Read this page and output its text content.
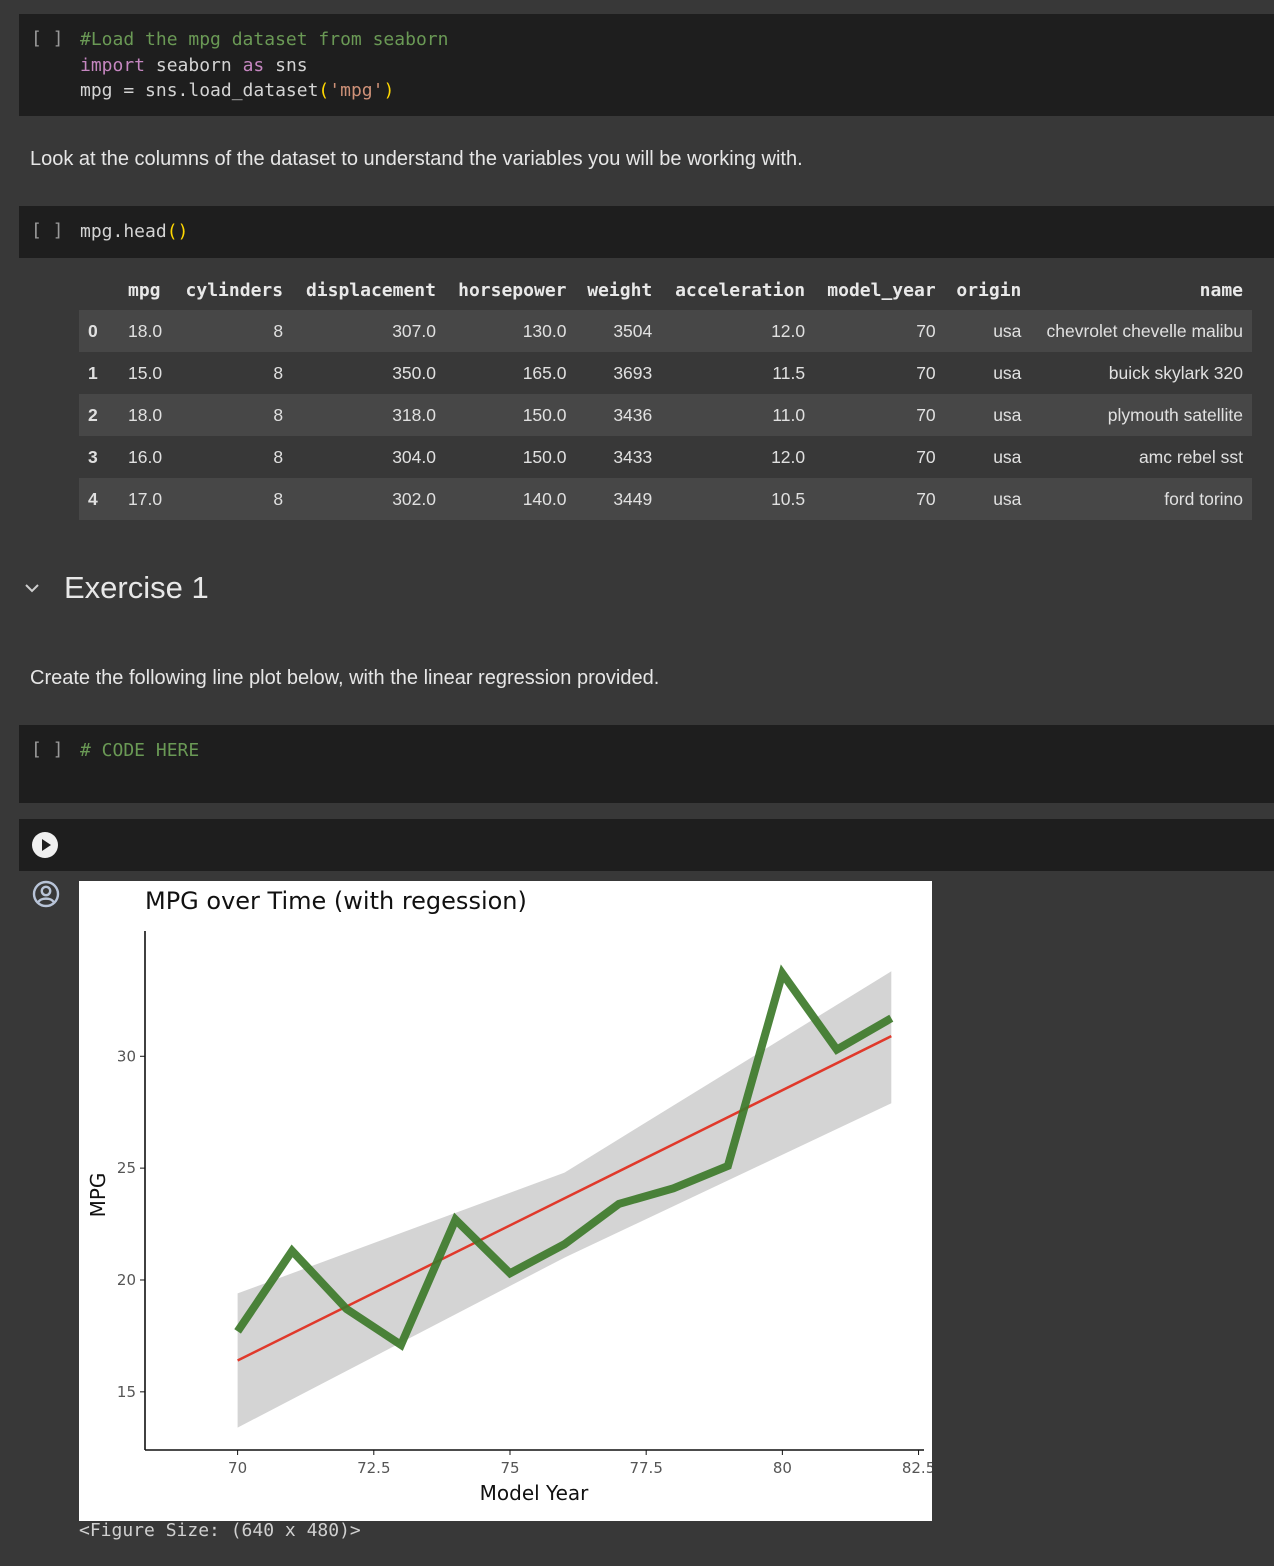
[ ] #Load the mpg dataset from seaborn
import seaborn as sns
mpg = sns.load_dataset('mpg')

Look at the columns of the dataset to understand the variables you will be working with.

[ ] mpg.head()
	mpg	cylinders	displacement	horsepower	weight	acceleration	model_year	origin	name
0	18.0	8	307.0	130.0	3504	12.0	70	usa	chevrolet chevelle malibu
1	15.0	8	350.0	165.0	3693	11.5	70	usa	buick skylark 320
2	18.0	8	318.0	150.0	3436	11.0	70	usa	plymouth satellite
3	16.0	8	304.0	150.0	3433	12.0	70	usa	amc rebel sst
4	17.0	8	302.0	140.0	3449	10.5	70	usa	ford torino
Exercise 1

Create the following line plot below, with the linear regression provided.

[ ] # CODE HERE
MPG over Time (with regession)
Model Year
MPG
70	72.5	75	77.5	80	82.5
15
20
25
30
<Figure Size: (640 x 480)>
